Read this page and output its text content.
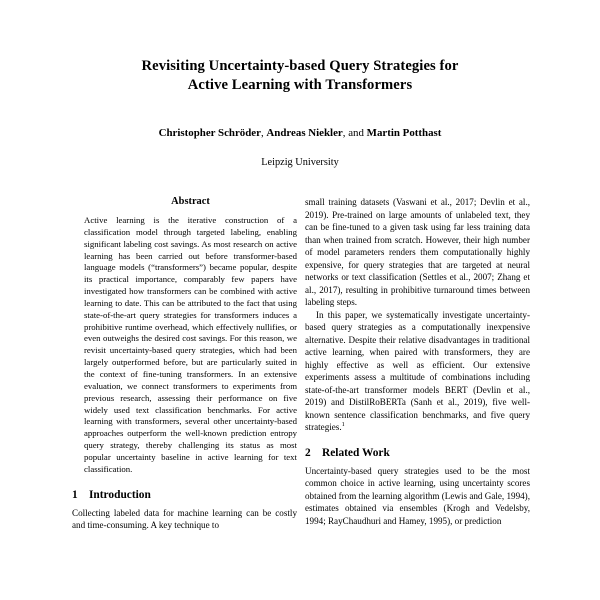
Revisiting Uncertainty-based Query Strategies for
Active Learning with Transformers
Christopher Schröder, Andreas Niekler, and Martin Potthast
Leipzig University
Abstract

Active learning is the iterative construction of a classification model through targeted labeling, enabling significant labeling cost savings. As most research on active learning has been carried out before transformer-based language models (“transformers”) became popular, despite its practical importance, comparably few papers have investigated how transformers can be combined with active learning to date. This can be attributed to the fact that using state-of-the-art query strategies for transformers induces a prohibitive runtime overhead, which effectively nullifies, or even outweighs the desired cost savings. For this reason, we revisit uncertainty-based query strategies, which had been largely outperformed before, but are particularly suited in the context of fine-tuning transformers. In an extensive evaluation, we connect transformers to experiments from previous research, assessing their performance on five widely used text classification benchmarks. For active learning with transformers, several other uncertainty-based approaches outperform the well-known prediction entropy query strategy, thereby challenging its status as most popular uncertainty baseline in active learning for text classification.

1 Introduction

Collecting labeled data for machine learning can be costly and time-consuming. A key technique to

small training datasets (Vaswani et al., 2017; Devlin et al., 2019). Pre-trained on large amounts of unlabeled text, they can be fine-tuned to a given task using far less training data than when trained from scratch. However, their high number of model parameters renders them computationally highly expensive, for query strategies that are targeted at neural networks or text classification (Settles et al., 2007; Zhang et al., 2017), resulting in prohibitive turnaround times between labeling steps.

In this paper, we systematically investigate uncertainty-based query strategies as a computationally inexpensive alternative. Despite their relative disadvantages in traditional active learning, when paired with transformers, they are highly effective as well as efficient. Our extensive experiments assess a multitude of combinations including state-of-the-art transformer models BERT (Devlin et al., 2019) and DistilRoBERTa (Sanh et al., 2019), five well-known sentence classification benchmarks, and five query strategies.$^1$

2 Related Work

Uncertainty-based query strategies used to be the most common choice in active learning, using uncertainty scores obtained from the learning algorithm (Lewis and Gale, 1994), estimates obtained via ensembles (Krogh and Vedelsby, 1994; RayChaudhuri and Hamey, 1995), or prediction
